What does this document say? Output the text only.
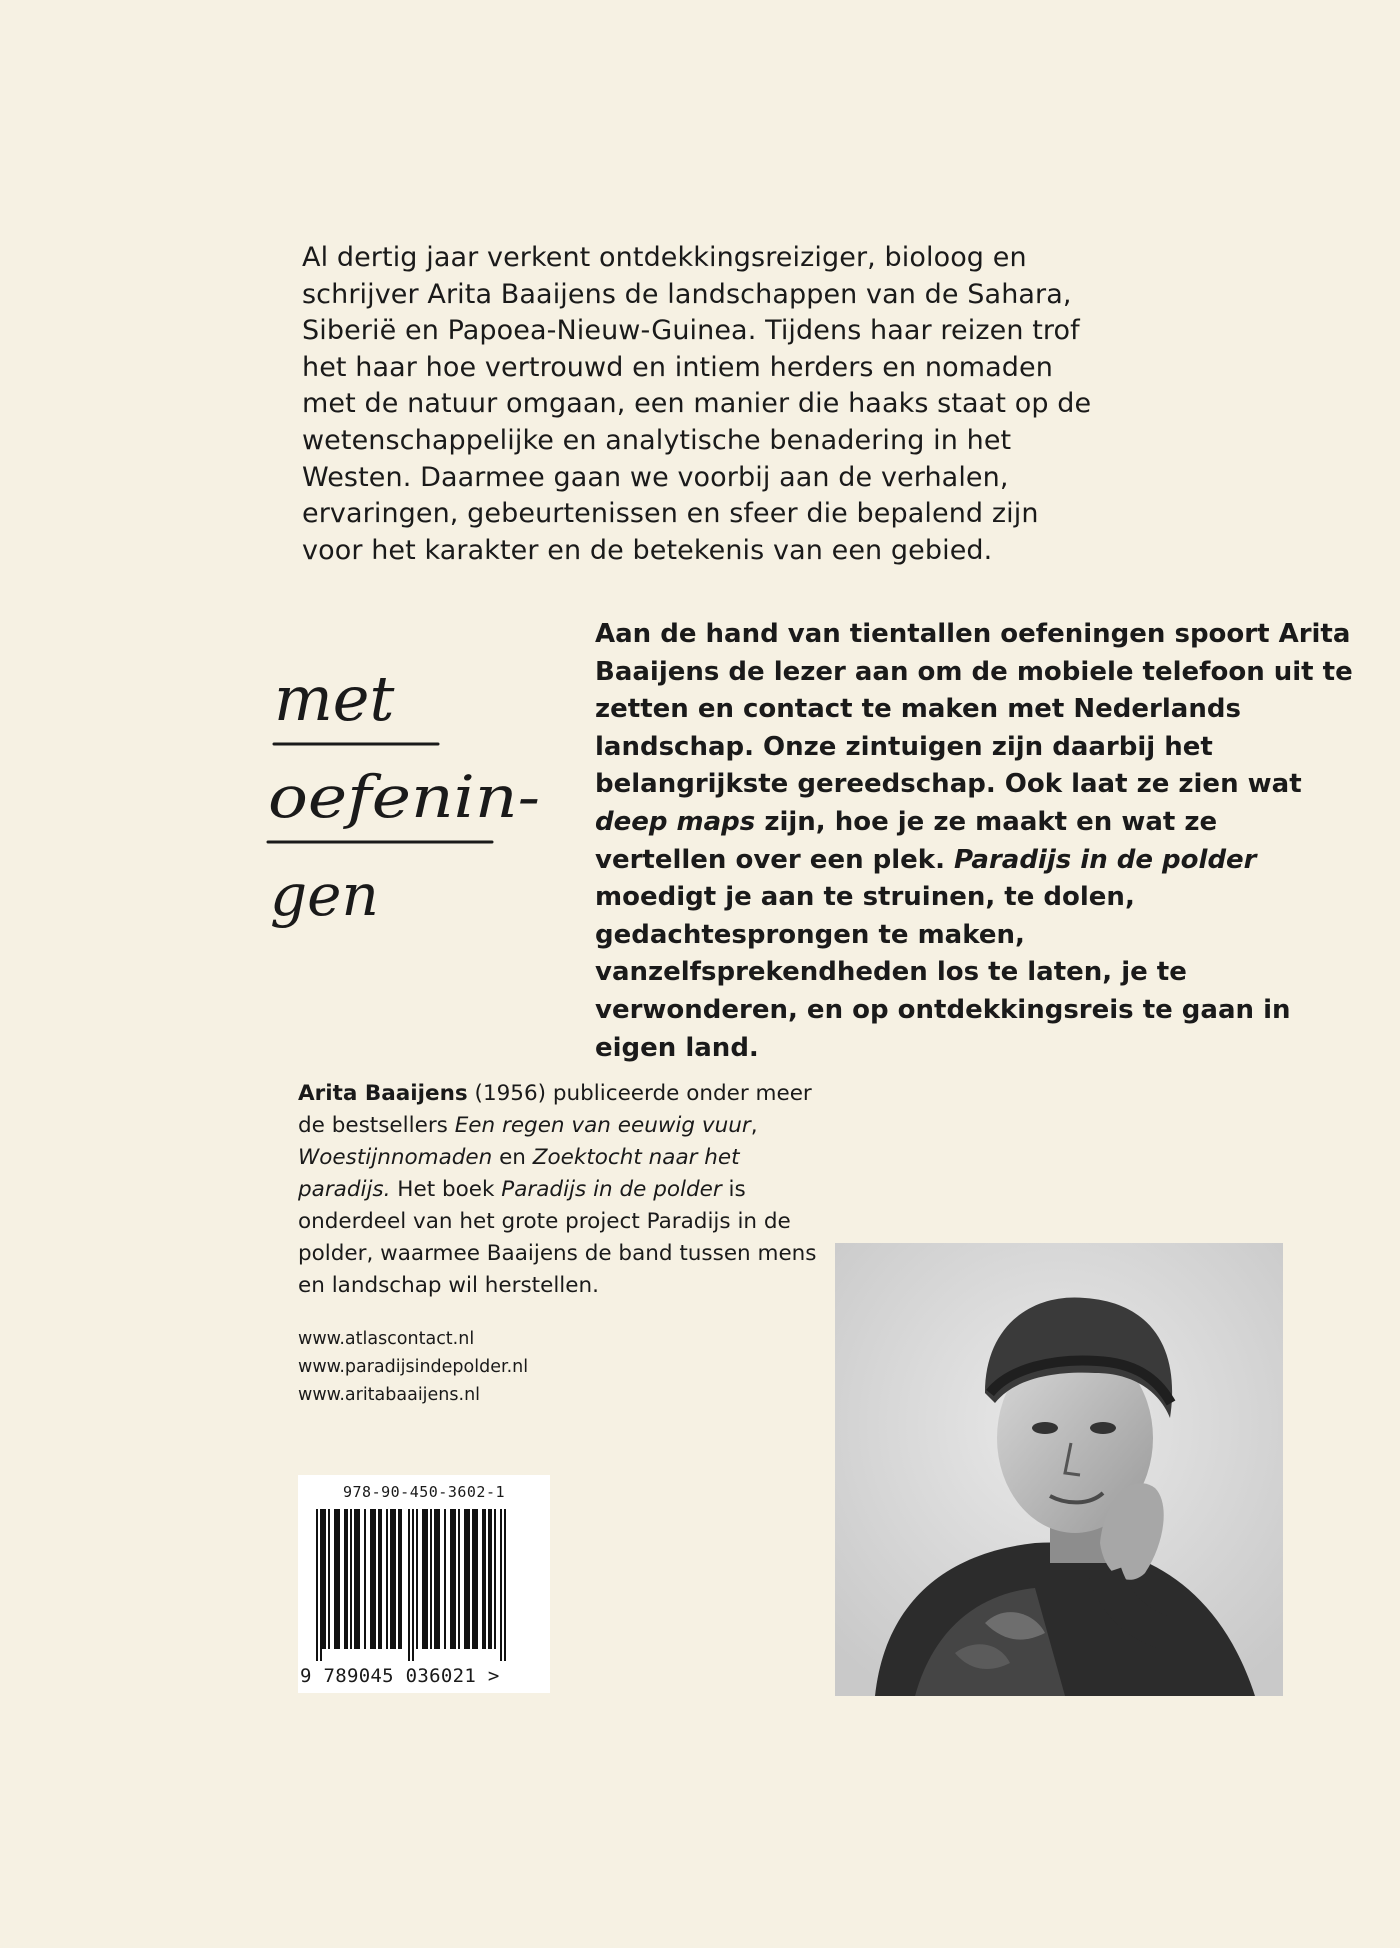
Al dertig jaar verkent ontdekkingsreiziger, bioloog en schrijver Arita Baaijens de landschappen van de Sahara, Siberië en Papoea-Nieuw-Guinea. Tijdens haar reizen trof het haar hoe vertrouwd en intiem herders en nomaden met de natuur omgaan, een manier die haaks staat op de wetenschappelijke en analytische benadering in het Westen. Daarmee gaan we voorbij aan de verhalen, ervaringen, gebeurtenissen en sfeer die bepalend zijn voor het karakter en de betekenis van een gebied.

met
oefenin-
gen

Aan de hand van tientallen oefeningen spoort Arita Baaijens de lezer aan om de mobiele telefoon uit te zetten en contact te maken met Nederlands landschap. Onze zintuigen zijn daarbij het belangrijkste gereedschap. Ook laat ze zien wat deep maps zijn, hoe je ze maakt en wat ze vertellen over een plek. Paradijs in de polder moedigt je aan te struinen, te dolen, gedachtesprongen te maken, vanzelfsprekendheden los te laten, je te verwonderen, en op ontdekkingsreis te gaan in eigen land.

Arita Baaijens (1956) publiceerde onder meer de bestsellers Een regen van eeuwig vuur, Woestijnnomaden en Zoektocht naar het paradijs. Het boek Paradijs in de polder is onderdeel van het grote project Paradijs in de polder, waarmee Baaijens de band tussen mens en landschap wil herstellen.

www.atlascontact.nl
www.paradijsindepolder.nl
www.aritabaaijens.nl
978-90-450-3602-1
9 789045 036021 >
